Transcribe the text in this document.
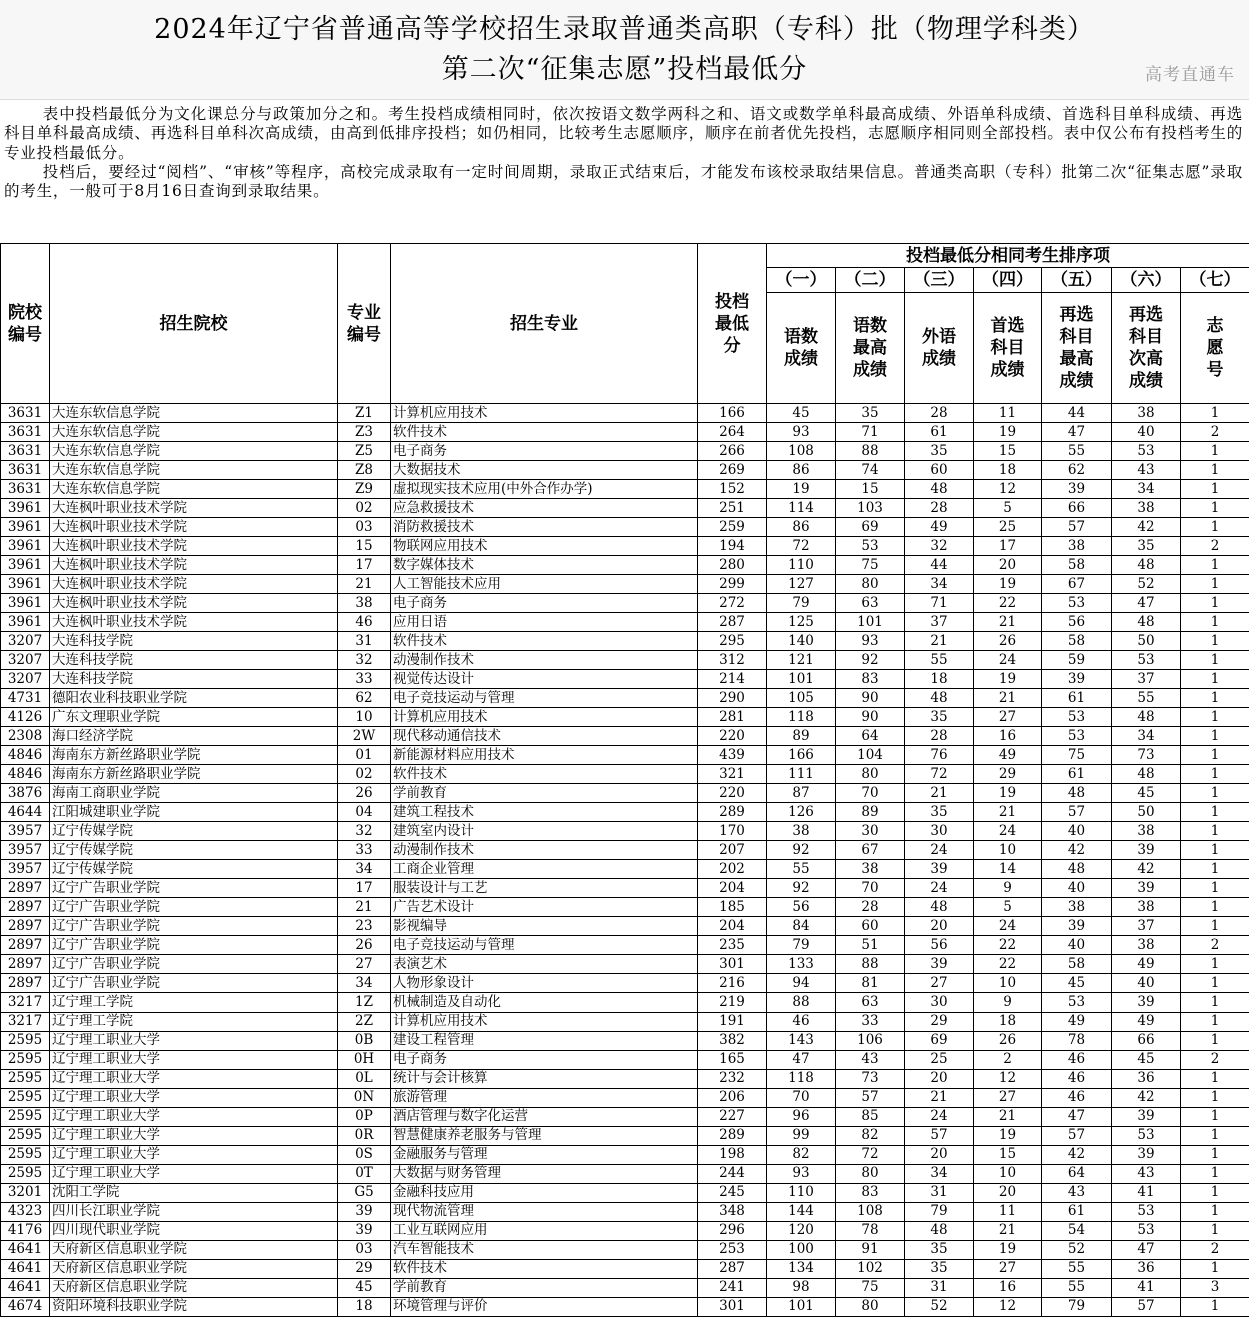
2024年辽宁省普通高等学校招生录取普通类高职（专科）批（物理学科类）
第二次“征集志愿”投档最低分	高考直通车

表中投档最低分为文化课总分与政策加分之和。考生投档成绩相同时，依次按语文数学两科之和、语文或数学单科最高成绩、外语单科成绩、首选科目单科成绩、再选科目单科最高成绩、再选科目单科次高成绩，由高到低排序投档；如仍相同，比较考生志愿顺序，顺序在前者优先投档，志愿顺序相同则全部投档。表中仅公布有投档考生的专业投档最低分。

投档后，要经过“阅档”、“审核”等程序，高校完成录取有一定时间周期，录取正式结束后，才能发布该校录取结果信息。普通类高职（专科）批第二次“征集志愿”录取的考生，一般可于8月16日查询到录取结果。

院校编号	招生院校	专业编号	招生专业	投档最低分	投档最低分相同考生排序项						
					（一）	（二）	（三）	（四）	（五）	（六）	（七）
					语数成绩	语数最高成绩	外语成绩	首选科目成绩	再选科目最高成绩	再选科目次高成绩	志愿号
3631	大连东软信息学院	Z1	计算机应用技术	166	45	35	28	11	44	38	1
3631	大连东软信息学院	Z3	软件技术	264	93	71	61	19	47	40	2
3631	大连东软信息学院	Z5	电子商务	266	108	88	35	15	55	53	1
3631	大连东软信息学院	Z8	大数据技术	269	86	74	60	18	62	43	1
3631	大连东软信息学院	Z9	虚拟现实技术应用(中外合作办学)	152	19	15	48	12	39	34	1
3961	大连枫叶职业技术学院	02	应急救援技术	251	114	103	28	5	66	38	1
3961	大连枫叶职业技术学院	03	消防救援技术	259	86	69	49	25	57	42	1
3961	大连枫叶职业技术学院	15	物联网应用技术	194	72	53	32	17	38	35	2
3961	大连枫叶职业技术学院	17	数字媒体技术	280	110	75	44	20	58	48	1
3961	大连枫叶职业技术学院	21	人工智能技术应用	299	127	80	34	19	67	52	1
3961	大连枫叶职业技术学院	38	电子商务	272	79	63	71	22	53	47	1
3961	大连枫叶职业技术学院	46	应用日语	287	125	101	37	21	56	48	1
3207	大连科技学院	31	软件技术	295	140	93	21	26	58	50	1
3207	大连科技学院	32	动漫制作技术	312	121	92	55	24	59	53	1
3207	大连科技学院	33	视觉传达设计	214	101	83	18	19	39	37	1
4731	德阳农业科技职业学院	62	电子竞技运动与管理	290	105	90	48	21	61	55	1
4126	广东文理职业学院	10	计算机应用技术	281	118	90	35	27	53	48	1
2308	海口经济学院	2W	现代移动通信技术	220	89	64	28	16	53	34	1
4846	海南东方新丝路职业学院	01	新能源材料应用技术	439	166	104	76	49	75	73	1
4846	海南东方新丝路职业学院	02	软件技术	321	111	80	72	29	61	48	1
3876	海南工商职业学院	26	学前教育	220	87	70	21	19	48	45	1
4644	江阳城建职业学院	04	建筑工程技术	289	126	89	35	21	57	50	1
3957	辽宁传媒学院	32	建筑室内设计	170	38	30	30	24	40	38	1
3957	辽宁传媒学院	33	动漫制作技术	207	92	67	24	10	42	39	1
3957	辽宁传媒学院	34	工商企业管理	202	55	38	39	14	48	42	1
2897	辽宁广告职业学院	17	服装设计与工艺	204	92	70	24	9	40	39	1
2897	辽宁广告职业学院	21	广告艺术设计	185	56	28	48	5	38	38	1
2897	辽宁广告职业学院	23	影视编导	204	84	60	20	24	39	37	1
2897	辽宁广告职业学院	26	电子竞技运动与管理	235	79	51	56	22	40	38	2
2897	辽宁广告职业学院	27	表演艺术	301	133	88	39	22	58	49	1
2897	辽宁广告职业学院	34	人物形象设计	216	94	81	27	10	45	40	1
3217	辽宁理工学院	1Z	机械制造及自动化	219	88	63	30	9	53	39	1
3217	辽宁理工学院	2Z	计算机应用技术	191	46	33	29	18	49	49	1
2595	辽宁理工职业大学	0B	建设工程管理	382	143	106	69	26	78	66	1
2595	辽宁理工职业大学	0H	电子商务	165	47	43	25	2	46	45	2
2595	辽宁理工职业大学	0L	统计与会计核算	232	118	73	20	12	46	36	1
2595	辽宁理工职业大学	0N	旅游管理	206	70	57	21	27	46	42	1
2595	辽宁理工职业大学	0P	酒店管理与数字化运营	227	96	85	24	21	47	39	1
2595	辽宁理工职业大学	0R	智慧健康养老服务与管理	289	99	82	57	19	57	53	1
2595	辽宁理工职业大学	0S	金融服务与管理	198	82	72	20	15	42	39	1
2595	辽宁理工职业大学	0T	大数据与财务管理	244	93	80	34	10	64	43	1
3201	沈阳工学院	G5	金融科技应用	245	110	83	31	20	43	41	1
4323	四川长江职业学院	39	现代物流管理	348	144	108	79	11	61	53	1
4176	四川现代职业学院	39	工业互联网应用	296	120	78	48	21	54	53	1
4641	天府新区信息职业学院	03	汽车智能技术	253	100	91	35	19	52	47	2
4641	天府新区信息职业学院	29	软件技术	287	134	102	35	27	55	36	1
4641	天府新区信息职业学院	45	学前教育	241	98	75	31	16	55	41	3
4674	资阳环境科技职业学院	18	环境管理与评价	301	101	80	52	12	79	57	1
